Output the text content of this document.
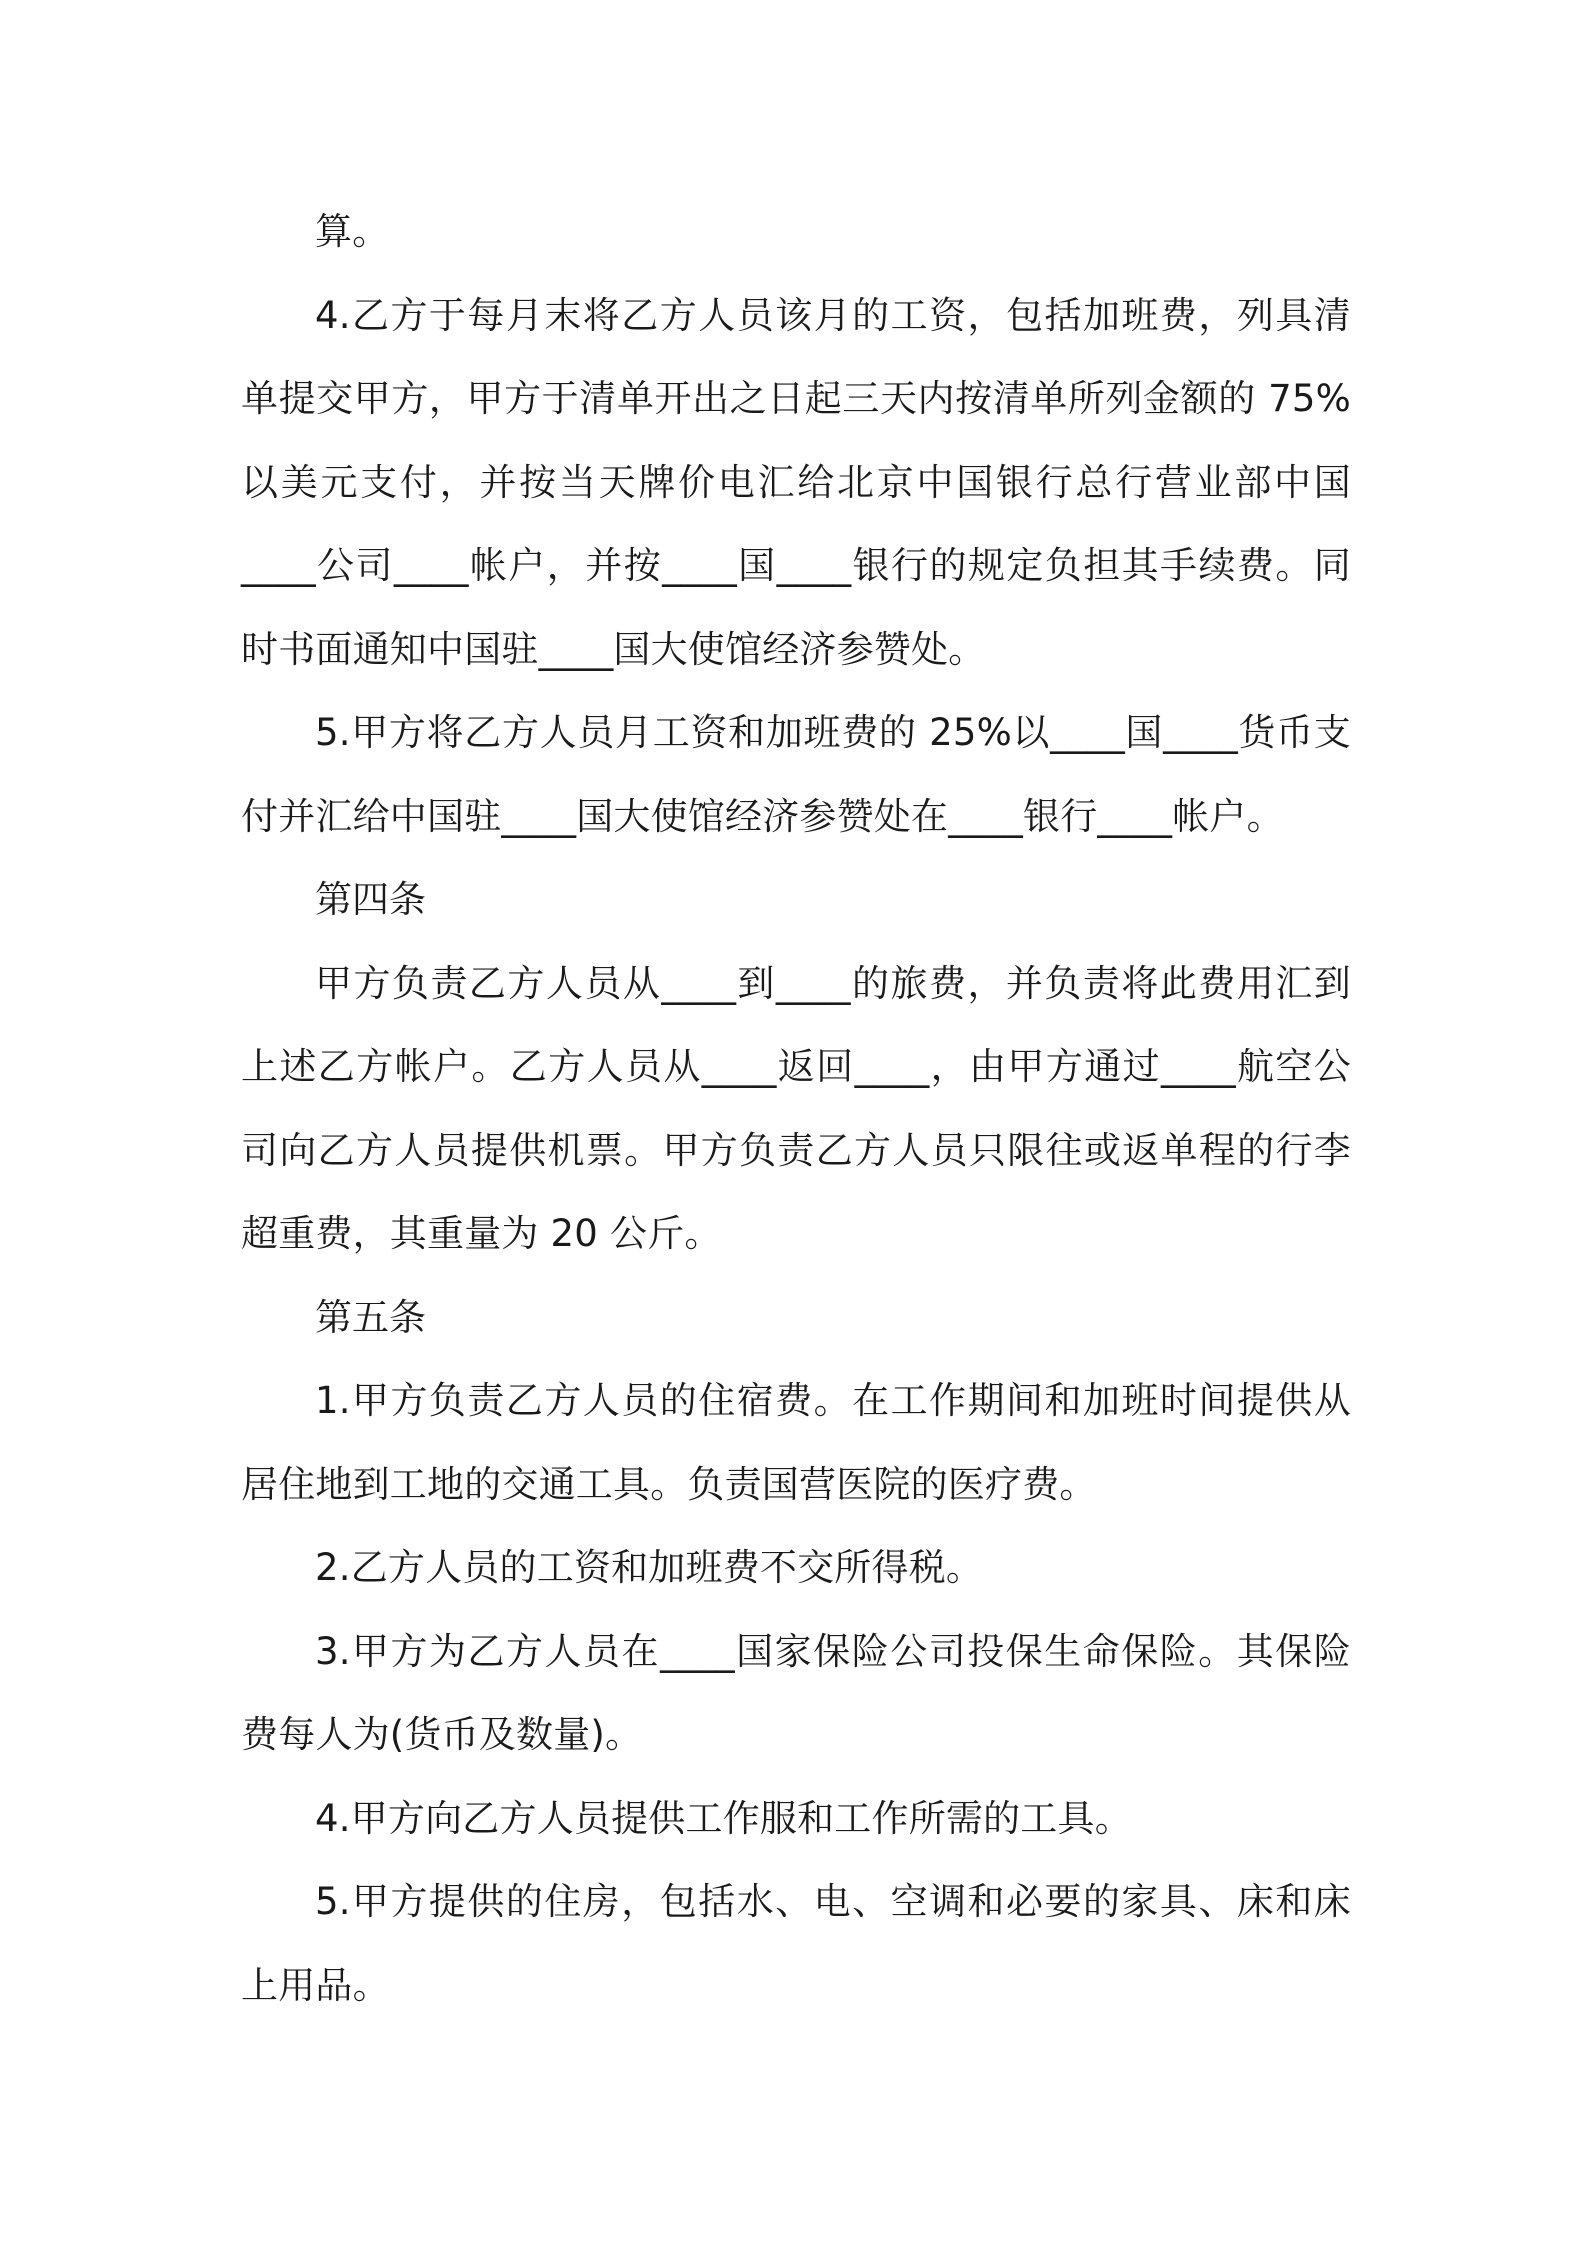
算。

4.乙方于每月末将乙方人员该月的工资，包括加班费，列具清单提交甲方，甲方于清单开出之日起三天内按清单所列金额的 75%以美元支付，并按当天牌价电汇给北京中国银行总行营业部中国____公司____帐户，并按____国____银行的规定负担其手续费。同时书面通知中国驻____国大使馆经济参赞处。

5.甲方将乙方人员月工资和加班费的 25%以____国____货币支付并汇给中国驻____国大使馆经济参赞处在____银行____帐户。

第四条

甲方负责乙方人员从____到____的旅费，并负责将此费用汇到上述乙方帐户。乙方人员从____返回____，由甲方通过____航空公司向乙方人员提供机票。甲方负责乙方人员只限往或返单程的行李超重费，其重量为 20 公斤。

第五条

1.甲方负责乙方人员的住宿费。在工作期间和加班时间提供从居住地到工地的交通工具。负责国营医院的医疗费。

2.乙方人员的工资和加班费不交所得税。

3.甲方为乙方人员在____国家保险公司投保生命保险。其保险费每人为(货币及数量)。

4.甲方向乙方人员提供工作服和工作所需的工具。

5.甲方提供的住房，包括水、电、空调和必要的家具、床和床上用品。
